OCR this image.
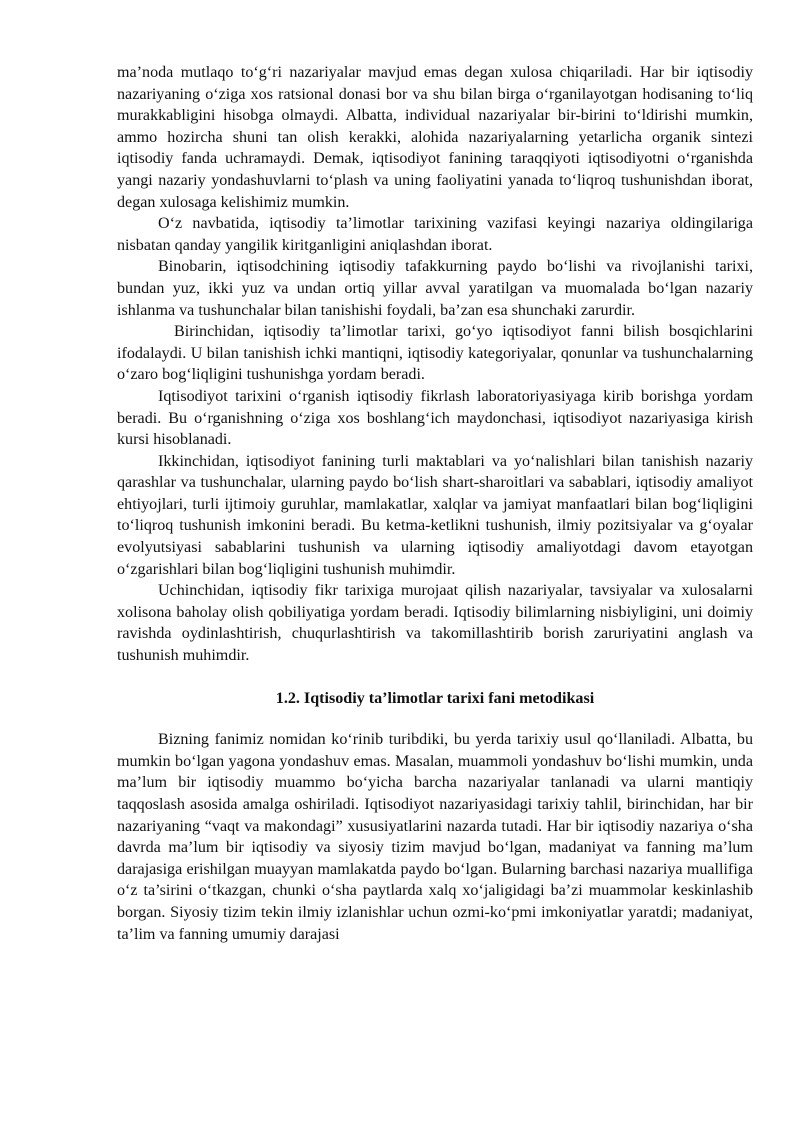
ma’noda mutlaqo to‘g‘ri nazariyalar mavjud emas degan xulosa chiqariladi. Har bir iqtisodiy nazariyaning o‘ziga xos ratsional donasi bor va shu bilan birga o‘rganilayotgan hodisaning to‘liq murakkabligini hisobga olmaydi. Albatta, individual nazariyalar bir-birini to‘ldirishi mumkin, ammo hozircha shuni tan olish kerakki, alohida nazariyalarning yetarlicha organik sintezi iqtisodiy fanda uchramaydi. Demak, iqtisodiyot fanining taraqqiyoti iqtisodiyotni o‘rganishda yangi nazariy yondashuvlarni to‘plash va uning faoliyatini yanada to‘liqroq tushunishdan iborat, degan xulosaga kelishimiz mumkin.

O‘z navbatida, iqtisodiy ta’limotlar tarixining vazifasi keyingi nazariya oldingilariga nisbatan qanday yangilik kiritganligini aniqlashdan iborat.

Binobarin, iqtisodchining iqtisodiy tafakkurning paydo bo‘lishi va rivojlanishi tarixi, bundan yuz, ikki yuz va undan ortiq yillar avval yaratilgan va muomalada bo‘lgan nazariy ishlanma va tushunchalar bilan tanishishi foydali, ba’zan esa shunchaki zarurdir.

Birinchidan, iqtisodiy ta’limotlar tarixi, go‘yo iqtisodiyot fanni bilish bosqichlarini ifodalaydi. U bilan tanishish ichki mantiqni, iqtisodiy kategoriyalar, qonunlar va tushunchalarning o‘zaro bog‘liqligini tushunishga yordam beradi.

Iqtisodiyot tarixini o‘rganish iqtisodiy fikrlash laboratoriyasiyaga kirib borishga yordam beradi. Bu o‘rganishning o‘ziga xos boshlang‘ich maydonchasi, iqtisodiyot nazariyasiga kirish kursi hisoblanadi.

Ikkinchidan, iqtisodiyot fanining turli maktablari va yo‘nalishlari bilan tanishish nazariy qarashlar va tushunchalar, ularning paydo bo‘lish shart-sharoitlari va sabablari, iqtisodiy amaliyot ehtiyojlari, turli ijtimoiy guruhlar, mamlakatlar, xalqlar va jamiyat manfaatlari bilan bog‘liqligini to‘liqroq tushunish imkonini beradi. Bu ketma-ketlikni tushunish, ilmiy pozitsiyalar va g‘oyalar evolyutsiyasi sabablarini tushunish va ularning iqtisodiy amaliyotdagi davom etayotgan o‘zgarishlari bilan bog‘liqligini tushunish muhimdir.

Uchinchidan, iqtisodiy fikr tarixiga murojaat qilish nazariyalar, tavsiyalar va xulosalarni xolisona baholay olish qobiliyatiga yordam beradi. Iqtisodiy bilimlarning nisbiyligini, uni doimiy ravishda oydinlashtirish, chuqurlashtirish va takomillashtirib borish zaruriyatini anglash va tushunish muhimdir.

1.2. Iqtisodiy ta’limotlar tarixi fani metodikasi

Bizning fanimiz nomidan ko‘rinib turibdiki, bu yerda tarixiy usul qo‘llaniladi. Albatta, bu mumkin bo‘lgan yagona yondashuv emas. Masalan, muammoli yondashuv bo‘lishi mumkin, unda ma’lum bir iqtisodiy muammo bo‘yicha barcha nazariyalar tanlanadi va ularni mantiqiy taqqoslash asosida amalga oshiriladi. Iqtisodiyot nazariyasidagi tarixiy tahlil, birinchidan, har bir nazariyaning “vaqt va makondagi” xususiyatlarini nazarda tutadi. Har bir iqtisodiy nazariya o‘sha davrda ma’lum bir iqtisodiy va siyosiy tizim mavjud bo‘lgan, madaniyat va fanning ma’lum darajasiga erishilgan muayyan mamlakatda paydo bo‘lgan. Bularning barchasi nazariya muallifiga o‘z ta’sirini o‘tkazgan, chunki o‘sha paytlarda xalq xo‘jaligidagi ba’zi muammolar keskinlashib borgan. Siyosiy tizim tekin ilmiy izlanishlar uchun ozmi-ko‘pmi imkoniyatlar yaratdi; madaniyat, ta’lim va fanning umumiy darajasi
